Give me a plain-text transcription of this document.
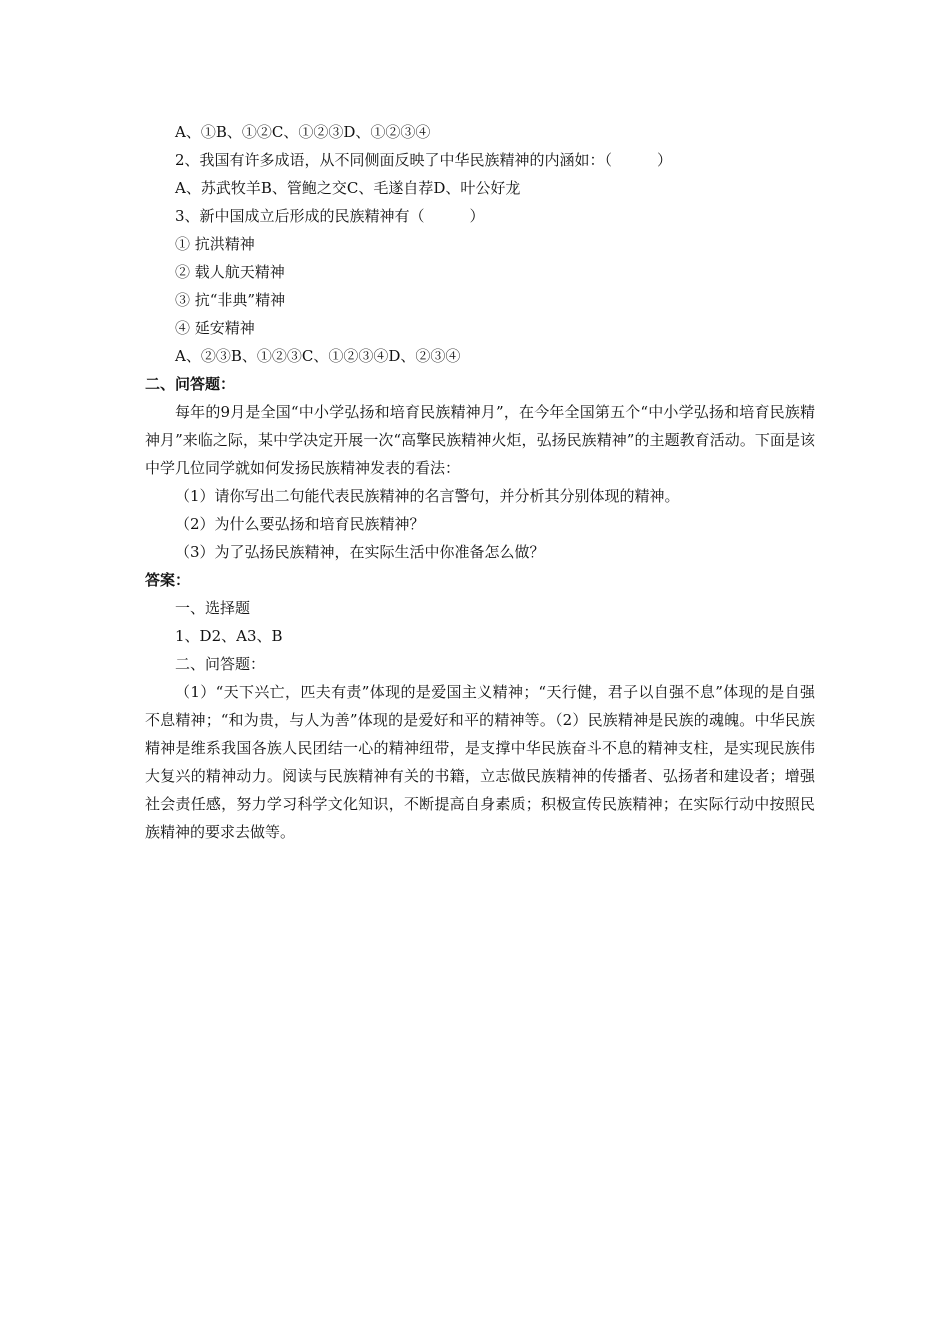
A、①B、①②C、①②③D、①②③④
2、我国有许多成语，从不同侧面反映了中华民族精神的内涵如：（　　　）
A、苏武牧羊B、管鲍之交C、毛遂自荐D、叶公好龙
3、新中国成立后形成的民族精神有（　　　）
① 抗洪精神
② 载人航天精神
③ 抗“非典”精神
④ 延安精神
A、②③B、①②③C、①②③④D、②③④
二、问答题：
每年的9月是全国“中小学弘扬和培育民族精神月”，在今年全国第五个“中小学弘扬和培育民族精神月”来临之际，某中学决定开展一次“高擎民族精神火炬，弘扬民族精神”的主题教育活动。下面是该中学几位同学就如何发扬民族精神发表的看法：
（1）请你写出二句能代表民族精神的名言警句，并分析其分别体现的精神。
（2）为什么要弘扬和培育民族精神？
（3）为了弘扬民族精神，在实际生活中你准备怎么做？
答案：
一、选择题
1、D2、A3、B
二、问答题：
（1）“天下兴亡，匹夫有责”体现的是爱国主义精神；“天行健，君子以自强不息”体现的是自强不息精神；“和为贵，与人为善”体现的是爱好和平的精神等。（2）民族精神是民族的魂魄。中华民族精神是维系我国各族人民团结一心的精神纽带，是支撑中华民族奋斗不息的精神支柱，是实现民族伟大复兴的精神动力。阅读与民族精神有关的书籍，立志做民族精神的传播者、弘扬者和建设者；增强社会责任感，努力学习科学文化知识，不断提高自身素质；积极宣传民族精神；在实际行动中按照民族精神的要求去做等。
